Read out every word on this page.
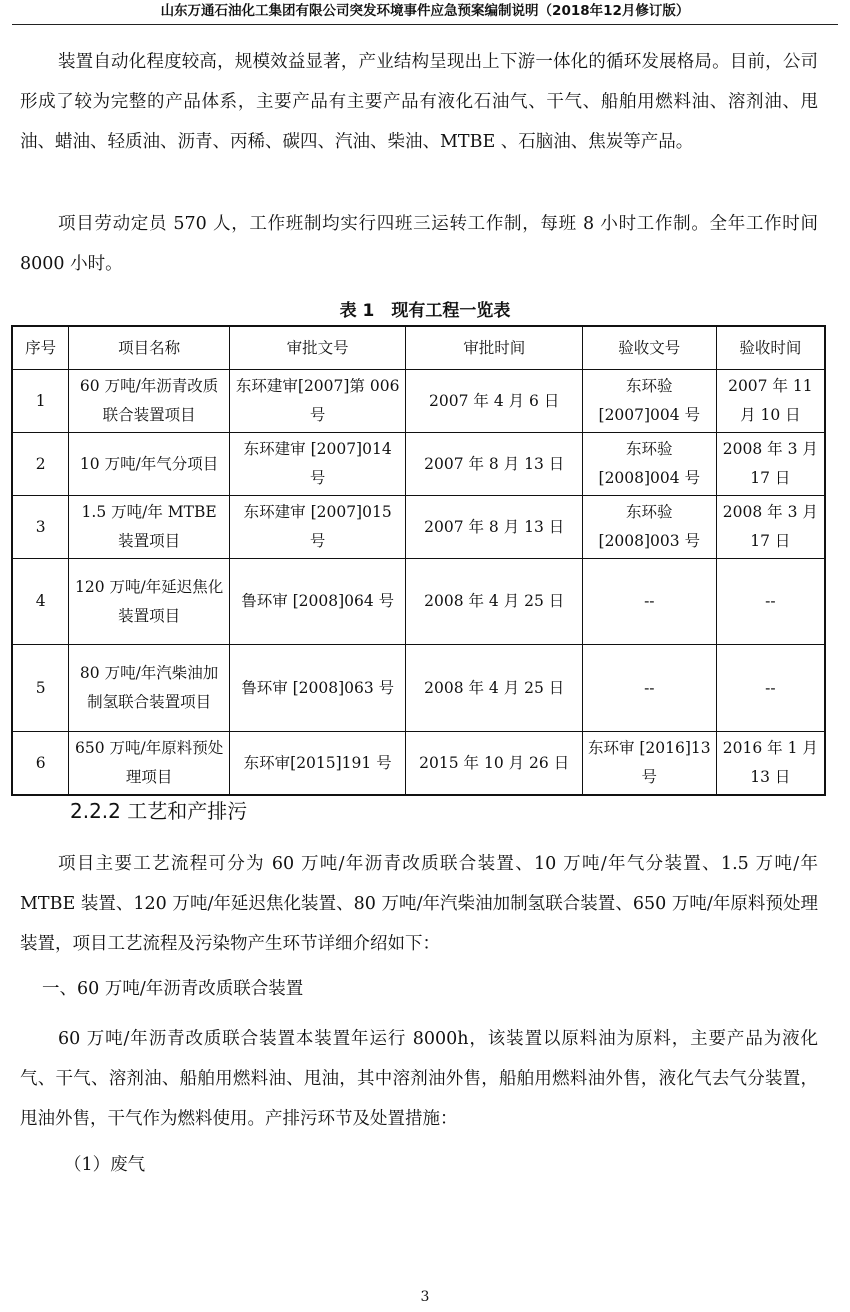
山东万通石油化工集团有限公司突发环境事件应急预案编制说明（2018年12月修订版）

装置自动化程度较高，规模效益显著，产业结构呈现出上下游一体化的循环发展格局。目前，公司形成了较为完整的产品体系，主要产品有主要产品有液化石油气、干气、船舶用燃料油、溶剂油、甩油、蜡油、轻质油、沥青、丙稀、碳四、汽油、柴油、MTBE 、石脑油、焦炭等产品。

项目劳动定员 570 人，工作班制均实行四班三运转工作制，每班 8 小时工作制。全年工作时间 8000 小时。

表 1　现有工程一览表
序号	项目名称	审批文号	审批时间	验收文号	验收时间
1	60 万吨/年沥青改质联合装置项目	东环建审[2007]第 006 号	2007 年 4 月 6 日	东环验 [2007]004 号	2007 年 11 月 10 日
2	10 万吨/年气分项目	东环建审 [2007]014 号	2007 年 8 月 13 日	东环验 [2008]004 号	2008 年 3 月 17 日
3	1.5 万吨/年 MTBE 装置项目	东环建审 [2007]015 号	2007 年 8 月 13 日	东环验 [2008]003 号	2008 年 3 月 17 日
4	120 万吨/年延迟焦化装置项目	鲁环审 [2008]064 号	2008 年 4 月 25 日	--	--
5	80 万吨/年汽柴油加制氢联合装置项目	鲁环审 [2008]063 号	2008 年 4 月 25 日	--	--
6	650 万吨/年原料预处理项目	东环审[2015]191 号	2015 年 10 月 26 日	东环审 [2016]13 号	2016 年 1 月 13 日
2.2.2 工艺和产排污

项目主要工艺流程可分为 60 万吨/年沥青改质联合装置、10 万吨/年气分装置、1.5 万吨/年 MTBE 装置、120 万吨/年延迟焦化装置、80 万吨/年汽柴油加制氢联合装置、650 万吨/年原料预处理装置，项目工艺流程及污染物产生环节详细介绍如下：

一、60 万吨/年沥青改质联合装置

60 万吨/年沥青改质联合装置本装置年运行 8000h，该装置以原料油为原料，主要产品为液化气、干气、溶剂油、船舶用燃料油、甩油，其中溶剂油外售，船舶用燃料油外售，液化气去气分装置，甩油外售，干气作为燃料使用。产排污环节及处置措施：

（1）废气
3
